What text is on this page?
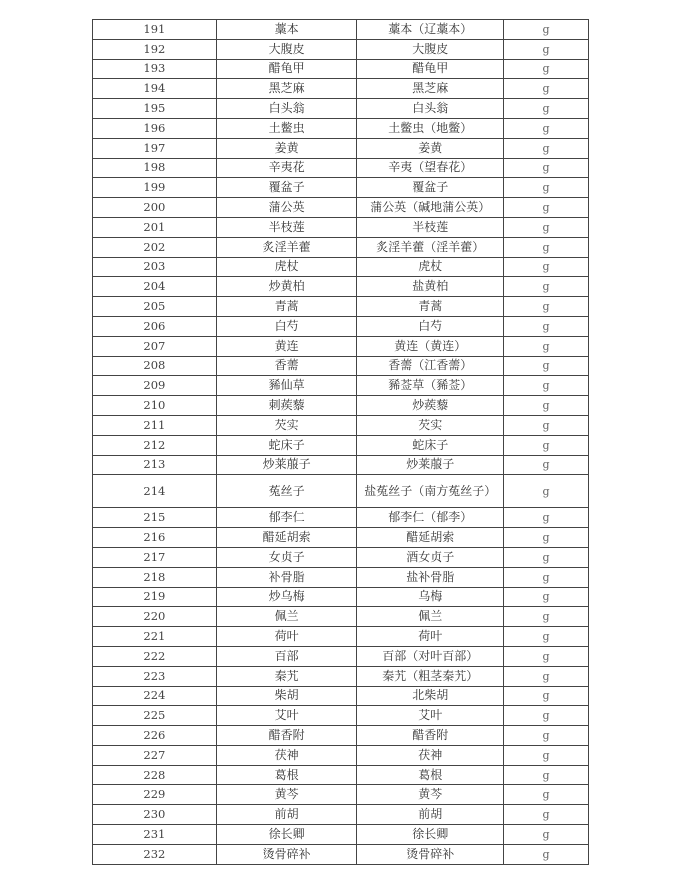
191	藁本	藁本（辽藁本）	g
192	大腹皮	大腹皮	g
193	醋龟甲	醋龟甲	g
194	黑芝麻	黑芝麻	g
195	白头翁	白头翁	g
196	土鳖虫	土鳖虫（地鳖）	g
197	姜黄	姜黄	g
198	辛夷花	辛夷（望春花）	g
199	覆盆子	覆盆子	g
200	蒲公英	蒲公英（碱地蒲公英）	g
201	半枝莲	半枝莲	g
202	炙淫羊藿	炙淫羊藿（淫羊藿）	g
203	虎杖	虎杖	g
204	炒黄柏	盐黄柏	g
205	青蒿	青蒿	g
206	白芍	白芍	g
207	黄连	黄连（黄连）	g
208	香薷	香薷（江香薷）	g
209	豨仙草	豨莶草（豨莶）	g
210	刺蒺藜	炒蒺藜	g
211	芡实	芡实	g
212	蛇床子	蛇床子	g
213	炒莱菔子	炒莱菔子	g
214	菟丝子	盐菟丝子（南方菟丝子）	g
215	郁李仁	郁李仁（郁李）	g
216	醋延胡索	醋延胡索	g
217	女贞子	酒女贞子	g
218	补骨脂	盐补骨脂	g
219	炒乌梅	乌梅	g
220	佩兰	佩兰	g
221	荷叶	荷叶	g
222	百部	百部（对叶百部）	g
223	秦艽	秦艽（粗茎秦艽）	g
224	柴胡	北柴胡	g
225	艾叶	艾叶	g
226	醋香附	醋香附	g
227	茯神	茯神	g
228	葛根	葛根	g
229	黄芩	黄芩	g
230	前胡	前胡	g
231	徐长卿	徐长卿	g
232	烫骨碎补	烫骨碎补	g
